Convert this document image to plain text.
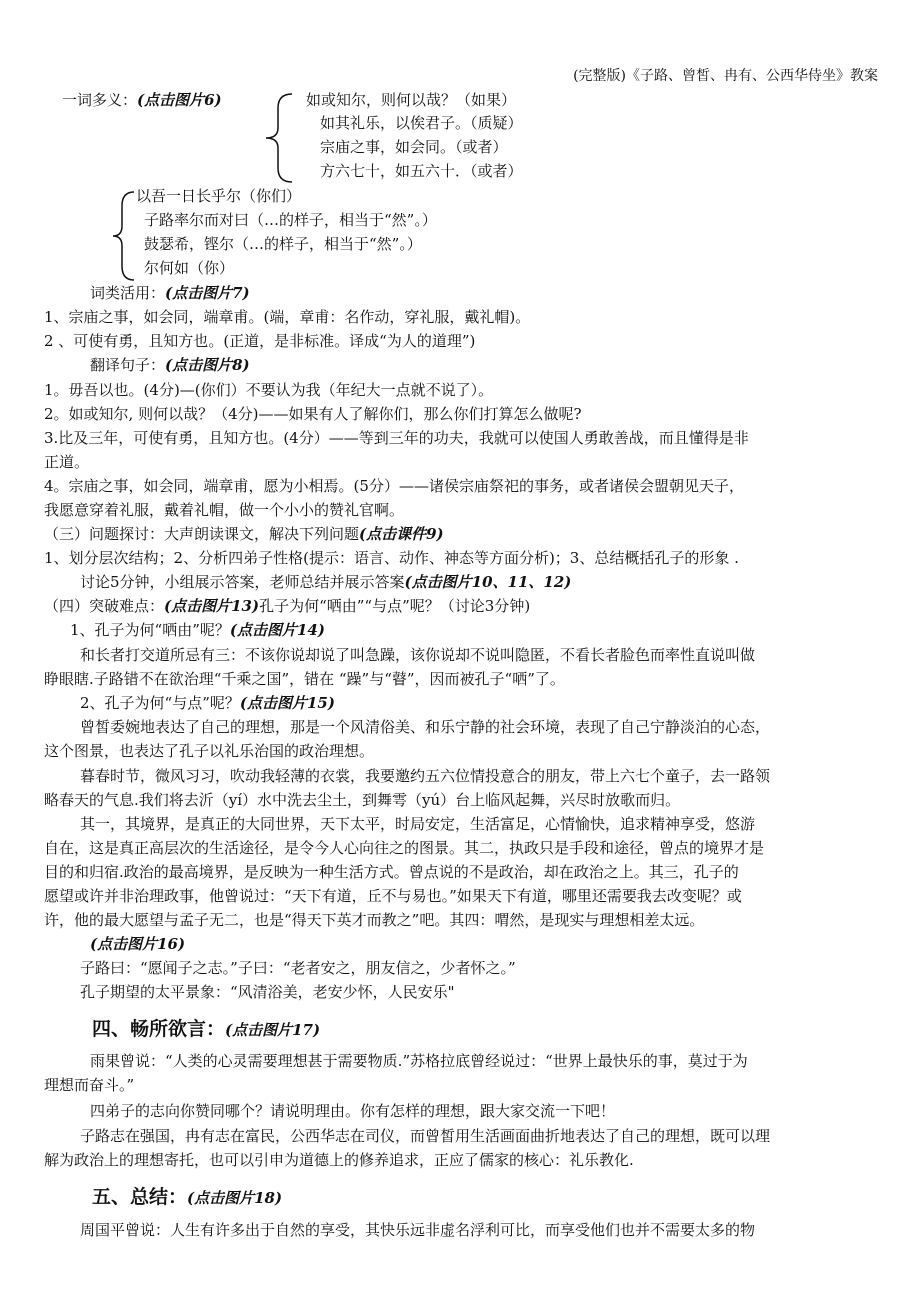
(完整版)《子路、曾皙、冉有、公西华侍坐》教案
一词多义：(点击图片6)	如或知尔，则何以哉？（如果）
如其礼乐，以俟君子。（质疑）
宗庙之事，如会同。（或者）
方六七十，如五六十．（或者）
以吾一日长乎尔（你们）
子路率尔而对曰（…的样子，相当于“然”。）
鼓瑟希，铿尔（…的样子，相当于“然”。）
尔何如（你）
词类活用：(点击图片7)
1、宗庙之事，如会同，端章甫。(端，章甫：名作动，穿礼服，戴礼帽)。
2 、可使有勇，且知方也。(正道，是非标准。译成“为人的道理”)
翻译句子：(点击图片8)
1。毋吾以也。(4分)—(你们）不要认为我（年纪大一点就不说了）。
2。如或知尔, 则何以哉？（4分)——如果有人了解你们，那么你们打算怎么做呢?
3.比及三年，可使有勇，且知方也。(4分）——等到三年的功夫，我就可以使国人勇敢善战，而且懂得是非
正道。
4。宗庙之事，如会同，端章甫，愿为小相焉。(5分）——诸侯宗庙祭祀的事务，或者诸侯会盟朝见天子，
我愿意穿着礼服，戴着礼帽，做一个小小的赞礼官啊。
（三）问题探讨：大声朗读课文，解决下列问题(点击课件9)
1、划分层次结构；2、分析四弟子性格(提示：语言、动作、神态等方面分析)；3、总结概括孔子的形象 .
讨论5分钟，小组展示答案，老师总结并展示答案(点击图片10、11、12)
（四）突破难点：(点击图片13)孔子为何“哂由”“与点”呢？（讨论3分钟)
1、孔子为何“哂由”呢？(点击图片14)
和长者打交道所忌有三：不该你说却说了叫急躁，该你说却不说叫隐匿，不看长者脸色而率性直说叫做
睁眼瞎.子路错不在欲治理“千乘之国”，错在 “躁”与“瞽”，因而被孔子“哂”了。
2、孔子为何“与点”呢？(点击图片15)
曾皙委婉地表达了自己的理想，那是一个风清俗美、和乐宁静的社会环境，表现了自己宁静淡泊的心态，
这个图景，也表达了孔子以礼乐治国的政治理想。
暮春时节，微风习习，吹动我轻薄的衣裳，我要邀约五六位情投意合的朋友，带上六七个童子，去一路领
略春天的气息.我们将去沂（yí）水中洗去尘土，到舞雩（yú）台上临风起舞，兴尽时放歌而归。
其一，其境界，是真正的大同世界，天下太平，时局安定，生活富足，心情愉快，追求精神享受，悠游
自在，这是真正高层次的生活途径，是令今人心向往之的图景。其二，执政只是手段和途径，曾点的境界才是
目的和归宿.政治的最高境界，是反映为一种生活方式。曾点说的不是政治，却在政治之上。其三，孔子的
愿望或许并非治理政事，他曾说过：“天下有道，丘不与易也。”如果天下有道，哪里还需要我去改变呢？或
许，他的最大愿望与孟子无二，也是“得天下英才而教之”吧。其四：喟然，是现实与理想相差太远。
(点击图片16)
子路曰：“愿闻子之志。”子曰：“老者安之，朋友信之，少者怀之。”
孔子期望的太平景象：“风清浴美，老安少怀，人民安乐"
四、畅所欲言：(点击图片17)
雨果曾说：“人类的心灵需要理想甚于需要物质.”苏格拉底曾经说过：“世界上最快乐的事，莫过于为
理想而奋斗。”
四弟子的志向你赞同哪个？请说明理由。你有怎样的理想，跟大家交流一下吧！
子路志在强国，冉有志在富民，公西华志在司仪，而曾皙用生活画面曲折地表达了自己的理想，既可以理
解为政治上的理想寄托，也可以引申为道德上的修养追求，正应了儒家的核心：礼乐教化.
五、总结：(点击图片18)
周国平曾说：人生有许多出于自然的享受，其快乐远非虚名浮利可比，而享受他们也并不需要太多的物
